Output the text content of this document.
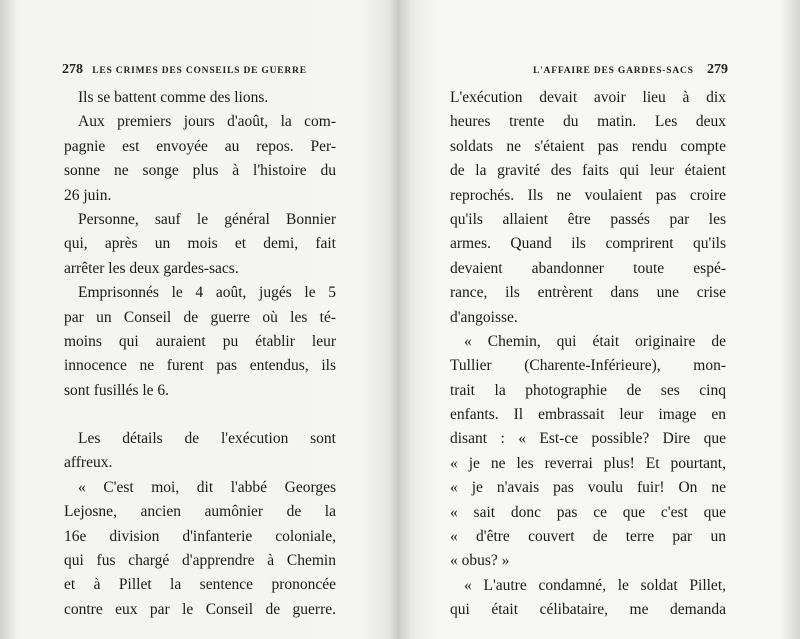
278 LES CRIMES DES CONSEILS DE GUERRE
Ils se battent comme des lions.
Aux premiers jours d'août, la com-
pagnie est envoyée au repos. Per-
sonne ne songe plus à l'histoire du
26 juin.
Personne, sauf le général Bonnier
qui, après un mois et demi, fait
arrêter les deux gardes-sacs.
Emprisonnés le 4 août, jugés le 5
par un Conseil de guerre où les té-
moins qui auraient pu établir leur
innocence ne furent pas entendus, ils
sont fusillés le 6.
Les détails de l'exécution sont
affreux.
« C'est moi, dit l'abbé Georges
Lejosne, ancien aumônier de la
16e division d'infanterie coloniale,
qui fus chargé d'apprendre à Chemin
et à Pillet la sentence prononcée
contre eux par le Conseil de guerre.
L'AFFAIRE DES GARDES-SACS 279
L'exécution devait avoir lieu à dix
heures trente du matin. Les deux
soldats ne s'étaient pas rendu compte
de la gravité des faits qui leur étaient
reprochés. Ils ne voulaient pas croire
qu'ils allaient être passés par les
armes. Quand ils comprirent qu'ils
devaient abandonner toute espé-
rance, ils entrèrent dans une crise
d'angoisse.
« Chemin, qui était originaire de
Tullier (Charente-Inférieure), mon-
trait la photographie de ses cinq
enfants. Il embrassait leur image en
disant : « Est-ce possible? Dire que
« je ne les reverrai plus! Et pourtant,
« je n'avais pas voulu fuir! On ne
« sait donc pas ce que c'est que
« d'être couvert de terre par un
« obus? »
« L'autre condamné, le soldat Pillet,
qui était célibataire, me demanda
